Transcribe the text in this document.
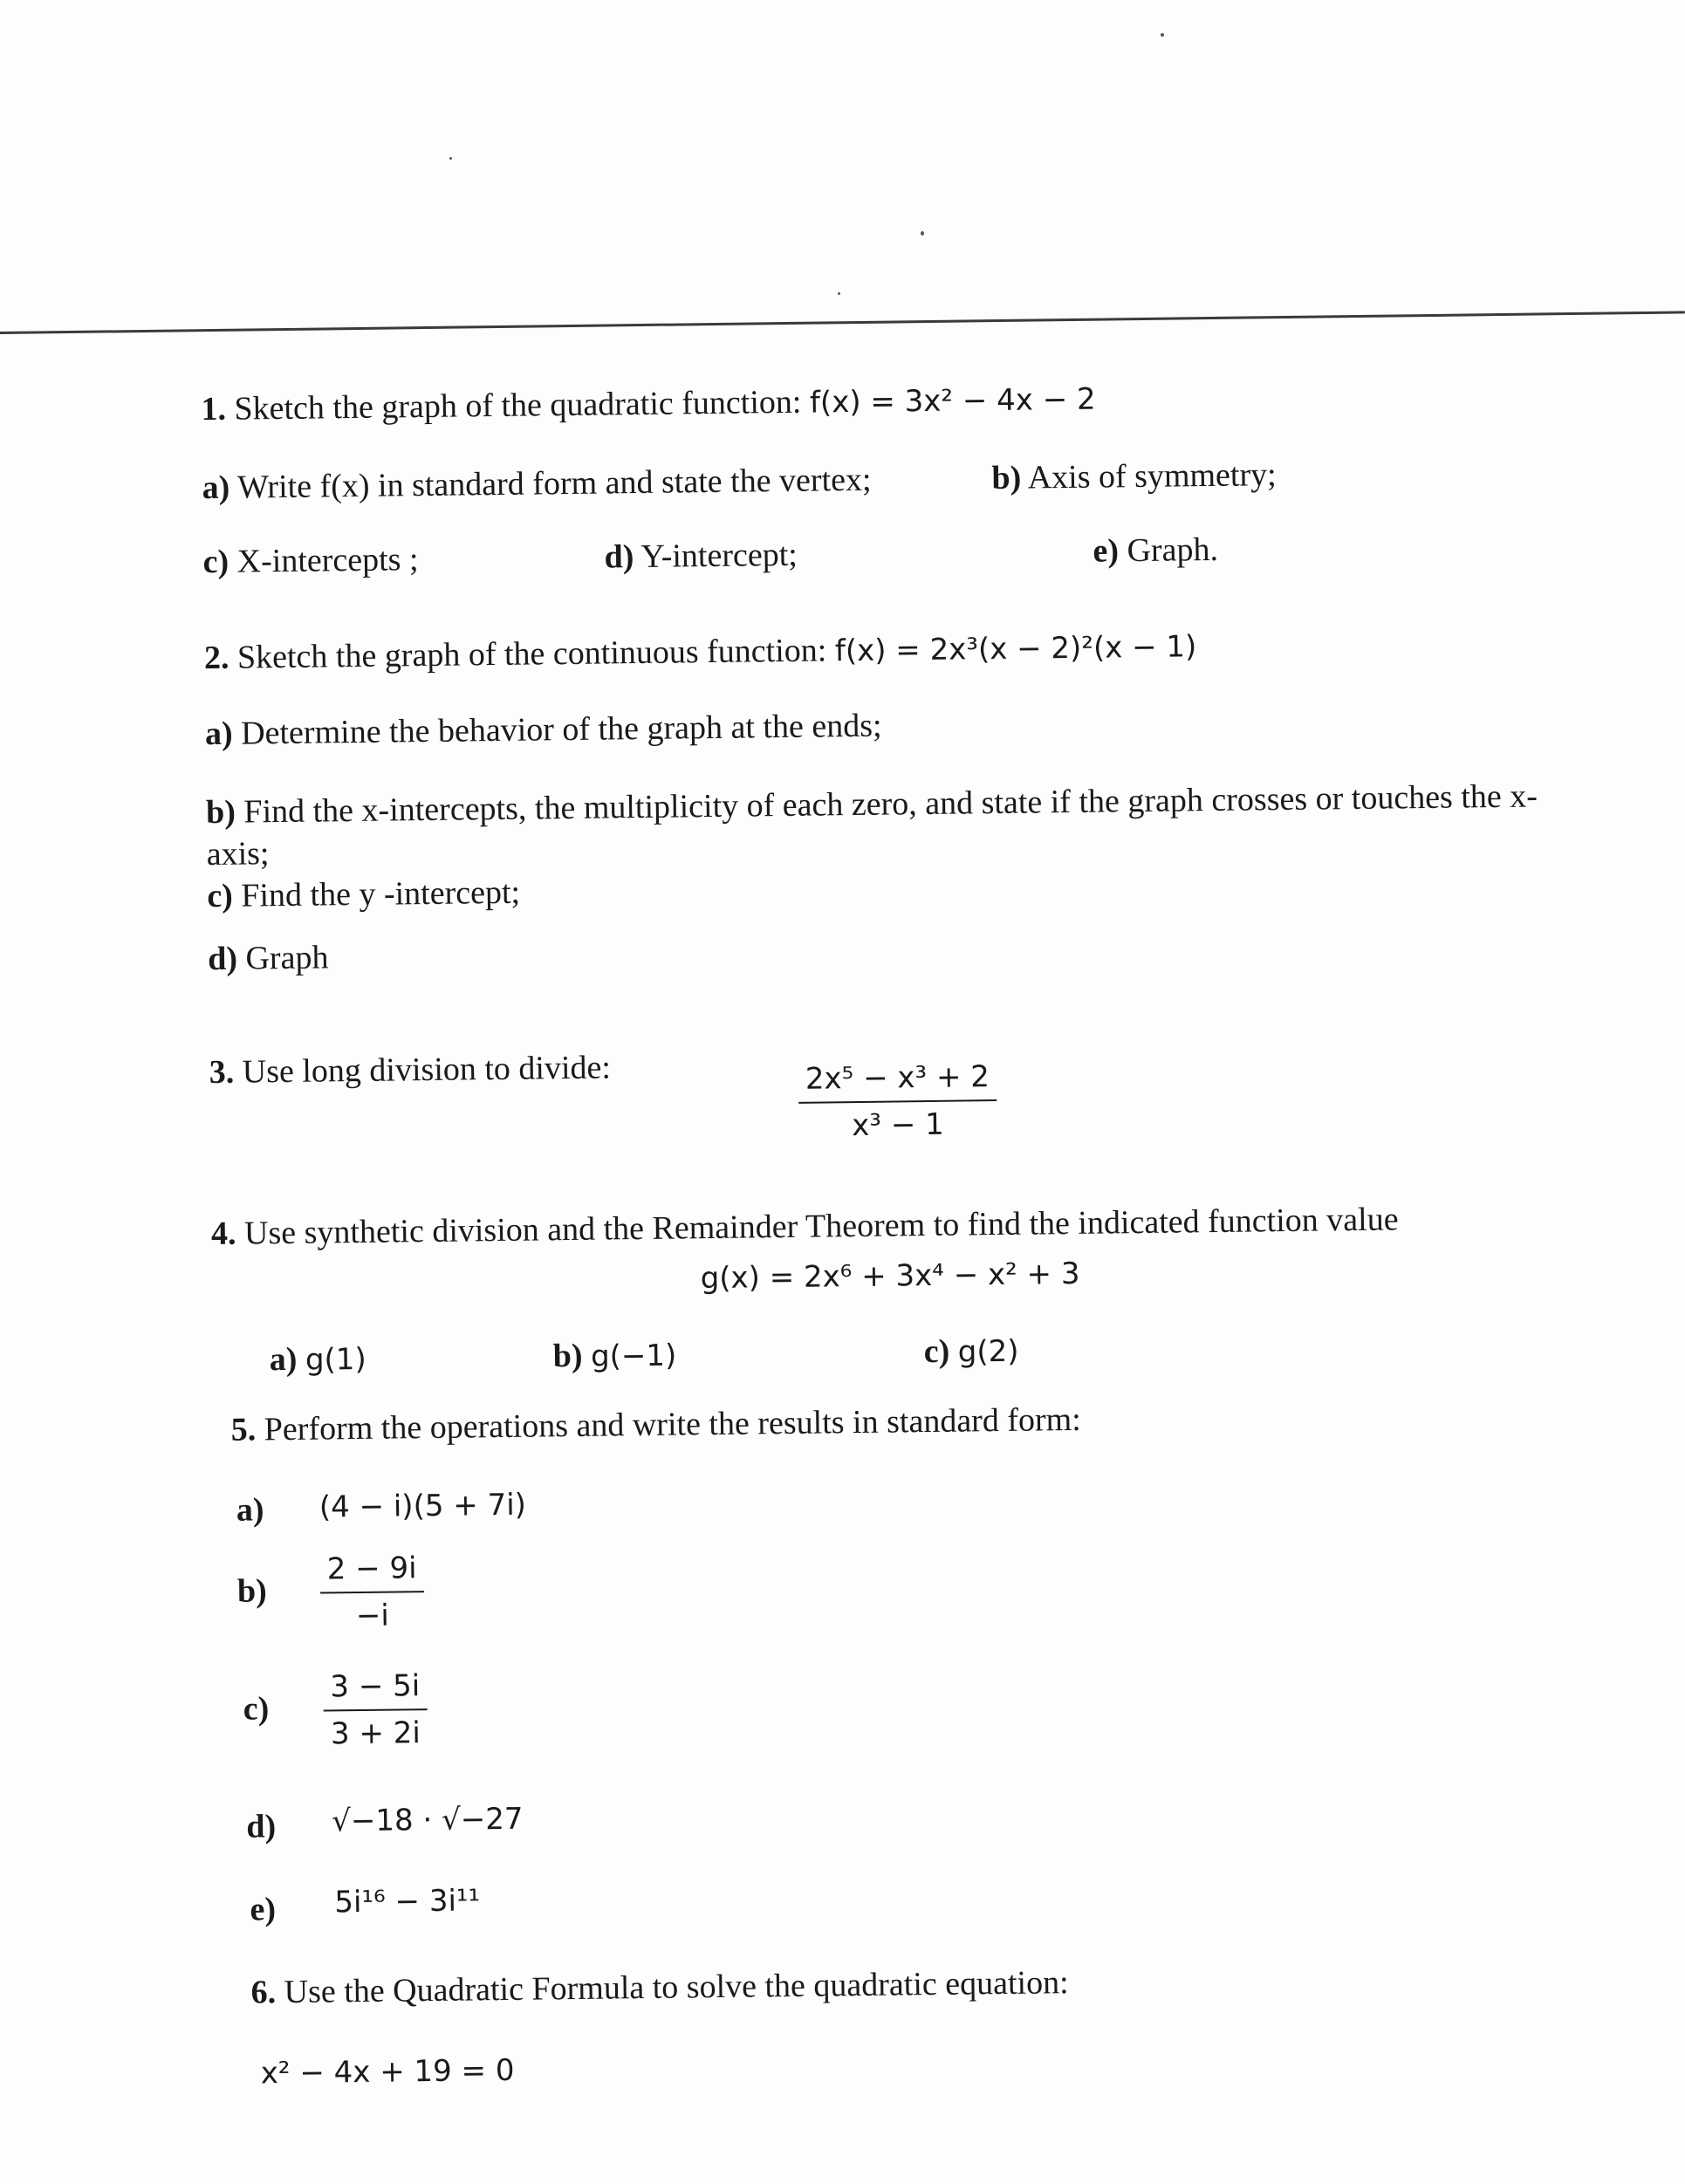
1. Sketch the graph of the quadratic function: f(x) = 3x² − 4x − 2
a) Write f(x) in standard form and state the vertex;	b) Axis of symmetry;
c) X-intercepts ;	d) Y-intercept;	e) Graph.
2. Sketch the graph of the continuous function: f(x) = 2x³(x − 2)²(x − 1)
a) Determine the behavior of the graph at the ends;
b) Find the x-intercepts, the multiplicity of each zero, and state if the graph crosses or touches the x-
axis;
c) Find the y -intercept;
d) Graph
3. Use long division to divide:	$\frac{\text{2x⁵ − x³ + 2}}{\text{x³ − 1}}$
4. Use synthetic division and the Remainder Theorem to find the indicated function value
g(x) = 2x⁶ + 3x⁴ − x² + 3
a) g(1)	b) g(−1)	c) g(2)
5. Perform the operations and write the results in standard form:
a) (4 − i)(5 + 7i)
$b) \frac{2 - 9i}{-i}$
$c) \frac{3 - 5i}{3 + 2i}$
d) √−18 · √−27
e) 5i¹⁶ − 3i¹¹
6. Use the Quadratic Formula to solve the quadratic equation:
x² − 4x + 19 = 0
